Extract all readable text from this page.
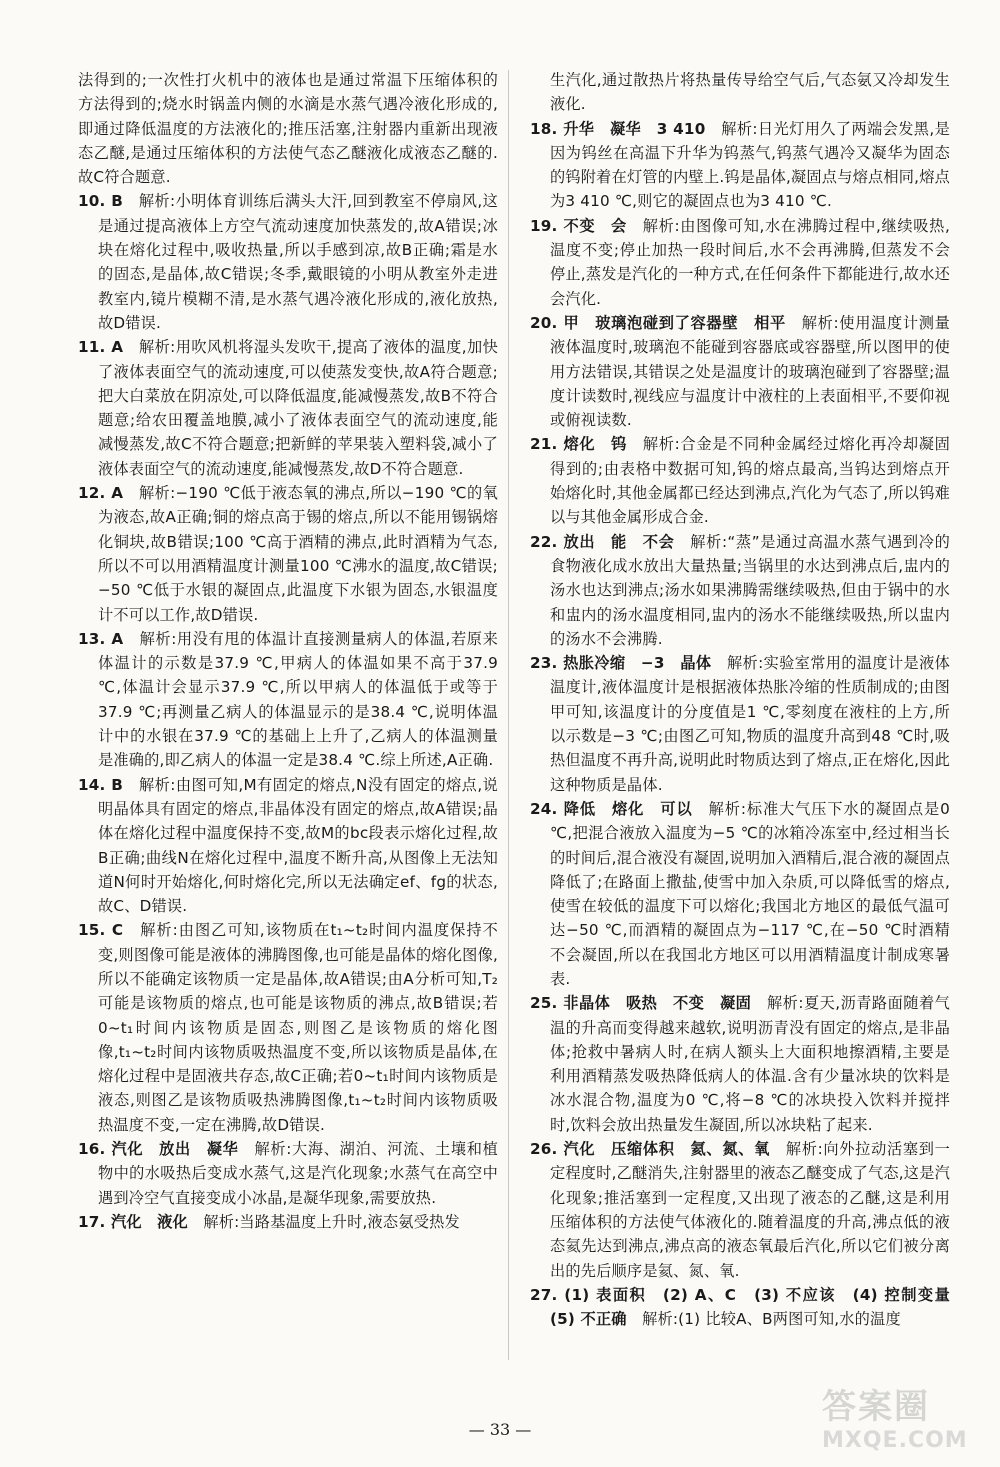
法得到的;一次性打火机中的液体也是通过常温下压缩体积的方法得到的;烧水时锅盖内侧的水滴是水蒸气遇冷液化形成的,即通过降低温度的方法液化的;推压活塞,注射器内重新出现液态乙醚,是通过压缩体积的方法使气态乙醚液化成液态乙醚的.故C符合题意.

10. B　解析:小明体育训练后满头大汗,回到教室不停扇风,这是通过提高液体上方空气流动速度加快蒸发的,故A错误;冰块在熔化过程中,吸收热量,所以手感到凉,故B正确;霜是水的固态,是晶体,故C错误;冬季,戴眼镜的小明从教室外走进教室内,镜片模糊不清,是水蒸气遇冷液化形成的,液化放热,故D错误.

11. A　解析:用吹风机将湿头发吹干,提高了液体的温度,加快了液体表面空气的流动速度,可以使蒸发变快,故A符合题意;把大白菜放在阴凉处,可以降低温度,能减慢蒸发,故B不符合题意;给农田覆盖地膜,减小了液体表面空气的流动速度,能减慢蒸发,故C不符合题意;把新鲜的苹果装入塑料袋,减小了液体表面空气的流动速度,能减慢蒸发,故D不符合题意.

12. A　解析:−190 ℃低于液态氧的沸点,所以−190 ℃的氧为液态,故A正确;铜的熔点高于锡的熔点,所以不能用锡锅熔化铜块,故B错误;100 ℃高于酒精的沸点,此时酒精为气态,所以不可以用酒精温度计测量100 ℃沸水的温度,故C错误;−50 ℃低于水银的凝固点,此温度下水银为固态,水银温度计不可以工作,故D错误.

13. A　解析:用没有甩的体温计直接测量病人的体温,若原来体温计的示数是37.9 ℃,甲病人的体温如果不高于37.9 ℃,体温计会显示37.9 ℃,所以甲病人的体温低于或等于37.9 ℃;再测量乙病人的体温显示的是38.4 ℃,说明体温计中的水银在37.9 ℃的基础上上升了,乙病人的体温测量是准确的,即乙病人的体温一定是38.4 ℃.综上所述,A正确.

14. B　解析:由图可知,M有固定的熔点,N没有固定的熔点,说明晶体具有固定的熔点,非晶体没有固定的熔点,故A错误;晶体在熔化过程中温度保持不变,故M的bc段表示熔化过程,故B正确;曲线N在熔化过程中,温度不断升高,从图像上无法知道N何时开始熔化,何时熔化完,所以无法确定ef、fg的状态,故C、D错误.

15. C　解析:由图乙可知,该物质在t₁~t₂时间内温度保持不变,则图像可能是液体的沸腾图像,也可能是晶体的熔化图像,所以不能确定该物质一定是晶体,故A错误;由A分析可知,T₂可能是该物质的熔点,也可能是该物质的沸点,故B错误;若0~t₁时间内该物质是固态,则图乙是该物质的熔化图像,t₁~t₂时间内该物质吸热温度不变,所以该物质是晶体,在熔化过程中是固液共存态,故C正确;若0~t₁时间内该物质是液态,则图乙是该物质吸热沸腾图像,t₁~t₂时间内该物质吸热温度不变,一定在沸腾,故D错误.

16. 汽化　放出　凝华　解析:大海、湖泊、河流、土壤和植物中的水吸热后变成水蒸气,这是汽化现象;水蒸气在高空中遇到冷空气直接变成小冰晶,是凝华现象,需要放热.

17. 汽化　液化　解析:当路基温度上升时,液态氨受热发

生汽化,通过散热片将热量传导给空气后,气态氨又冷却发生液化.

18. 升华　凝华　3 410　解析:日光灯用久了两端会发黑,是因为钨丝在高温下升华为钨蒸气,钨蒸气遇冷又凝华为固态的钨附着在灯管的内壁上.钨是晶体,凝固点与熔点相同,熔点为3 410 ℃,则它的凝固点也为3 410 ℃.

19. 不变　会　解析:由图像可知,水在沸腾过程中,继续吸热,温度不变;停止加热一段时间后,水不会再沸腾,但蒸发不会停止,蒸发是汽化的一种方式,在任何条件下都能进行,故水还会汽化.

20. 甲　玻璃泡碰到了容器壁　相平　解析:使用温度计测量液体温度时,玻璃泡不能碰到容器底或容器壁,所以图甲的使用方法错误,其错误之处是温度计的玻璃泡碰到了容器壁;温度计读数时,视线应与温度计中液柱的上表面相平,不要仰视或俯视读数.

21. 熔化　钨　解析:合金是不同种金属经过熔化再冷却凝固得到的;由表格中数据可知,钨的熔点最高,当钨达到熔点开始熔化时,其他金属都已经达到沸点,汽化为气态了,所以钨难以与其他金属形成合金.

22. 放出　能　不会　解析:“蒸”是通过高温水蒸气遇到冷的食物液化成水放出大量热量;当锅里的水达到沸点后,盅内的汤水也达到沸点;汤水如果沸腾需继续吸热,但由于锅中的水和盅内的汤水温度相同,盅内的汤水不能继续吸热,所以盅内的汤水不会沸腾.

23. 热胀冷缩　−3　晶体　解析:实验室常用的温度计是液体温度计,液体温度计是根据液体热胀冷缩的性质制成的;由图甲可知,该温度计的分度值是1 ℃,零刻度在液柱的上方,所以示数是−3 ℃;由图乙可知,物质的温度升高到48 ℃时,吸热但温度不再升高,说明此时物质达到了熔点,正在熔化,因此这种物质是晶体.

24. 降低　熔化　可以　解析:标准大气压下水的凝固点是0 ℃,把混合液放入温度为−5 ℃的冰箱冷冻室中,经过相当长的时间后,混合液没有凝固,说明加入酒精后,混合液的凝固点降低了;在路面上撒盐,使雪中加入杂质,可以降低雪的熔点,使雪在较低的温度下可以熔化;我国北方地区的最低气温可达−50 ℃,而酒精的凝固点为−117 ℃,在−50 ℃时酒精不会凝固,所以在我国北方地区可以用酒精温度计制成寒暑表.

25. 非晶体　吸热　不变　凝固　解析:夏天,沥青路面随着气温的升高而变得越来越软,说明沥青没有固定的熔点,是非晶体;抢救中暑病人时,在病人额头上大面积地擦酒精,主要是利用酒精蒸发吸热降低病人的体温.含有少量冰块的饮料是冰水混合物,温度为0 ℃,将−8 ℃的冰块投入饮料并搅拌时,饮料会放出热量发生凝固,所以冰块粘了起来.

26. 汽化　压缩体积　氦、氮、氧　解析:向外拉动活塞到一定程度时,乙醚消失,注射器里的液态乙醚变成了气态,这是汽化现象;推活塞到一定程度,又出现了液态的乙醚,这是利用压缩体积的方法使气体液化的.随着温度的升高,沸点低的液态氦先达到沸点,沸点高的液态氧最后汽化,所以它们被分离出的先后顺序是氦、氮、氧.

27. (1) 表面积　(2) A、C　(3) 不应该　(4) 控制变量　(5) 不正确　解析:(1) 比较A、B两图可知,水的温度

— 33 —
答案圈
MXQE.COM
